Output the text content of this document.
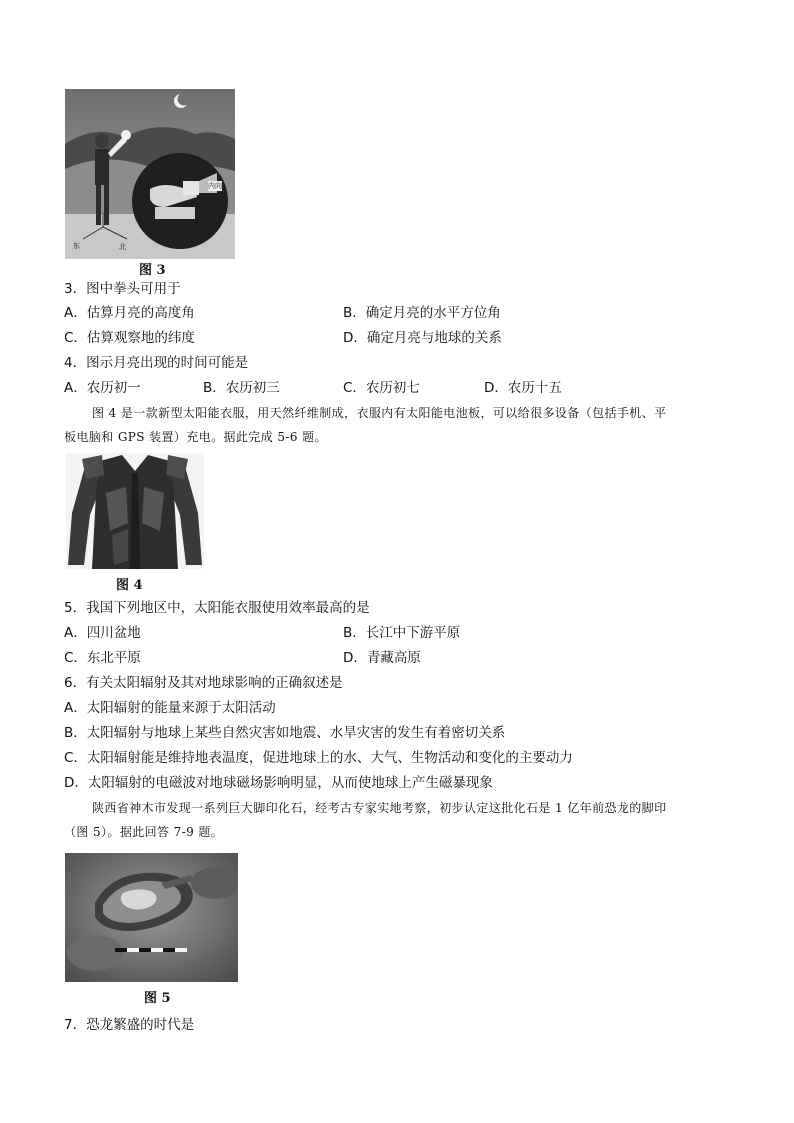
内向
东	北
图 3
3．图中拳头可用于
A．估算月亮的高度角	B．确定月亮的水平方位角
C．估算观察地的纬度	D．确定月亮与地球的关系
4．图示月亮出现的时间可能是
A．农历初一	B．农历初三	C．农历初七	D．农历十五
图 4 是一款新型太阳能衣服，用天然纤维制成，衣服内有太阳能电池板，可以给很多设备（包括手机、平
板电脑和 GPS 装置）充电。据此完成 5-6 题。
图 4
5．我国下列地区中，太阳能衣服使用效率最高的是
A．四川盆地	B．长江中下游平原
C．东北平原	D．青藏高原
6．有关太阳辐射及其对地球影响的正确叙述是
A．太阳辐射的能量来源于太阳活动
B．太阳辐射与地球上某些自然灾害如地震、水旱灾害的发生有着密切关系
C．太阳辐射能是维持地表温度，促进地球上的水、大气、生物活动和变化的主要动力
D．太阳辐射的电磁波对地球磁场影响明显，从而使地球上产生磁暴现象
陕西省神木市发现一系列巨大脚印化石，经考古专家实地考察，初步认定这批化石是 1 亿年前恐龙的脚印
（图 5）。据此回答 7-9 题。
图 5
7．恐龙繁盛的时代是
